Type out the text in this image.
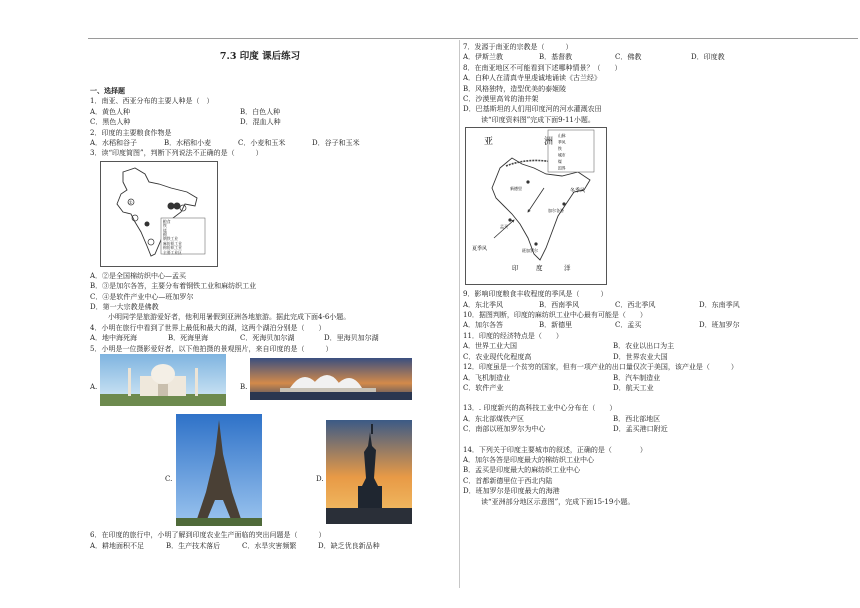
7.3 印度 课后练习
一、选择题
1．南亚、西亚分布的主要人种是（　）
A．黄色人种	B．白色人种
C．黑色人种	D．混血人种
2．印度的主要粮食作物是
A．水稻和谷子	B．水稻和小麦	C．小麦和玉米	D．谷子和玉米
3．读“印度简图”，判断下列说法不正确的是（　　　）
①
粮食
铁
锰
棉
钢铁工业
麻纺织工业
棉纺织工业
主要工业区
A．②是全国棉纺织中心—孟买
B．③是加尔各答，主要分布着钢铁工业和麻纺织工业
C．④是软件产业中心—班加罗尔
D．第一大宗教是佛教
小明同学是旅游爱好者，他利用暑假到亚洲各地旅游。据此完成下面4-6小题。
4．小明在旅行中看到了世界上最低和最大的湖，这两个湖泊分别是（　　）
A．地中海死海	B．死海里海	C．死海贝加尔湖	D．里海贝加尔湖
5．小明是一位摄影爱好者，以下他拍摄的景观照片，来自印度的是（　　　）
A.	B.
C.	D.
6．在印度的旅行中，小明了解到印度农业生产面临的突出问题是（　　　）
A．耕地面积不足	B．生产技术落后	C．水旱灾害频繁	D．缺乏优良新品种
7．发源于南亚的宗教是（　　　）
A．伊斯兰教	B．基督教	C．佛教	D．印度教
8．在南亚地区不可能看到下述哪种情景？（　　）
A．白种人在清真寺里虔诚地诵读《古兰经》
B．风格独特，造型优美的泰姬陵
C．沙漠里高耸的油井架
D．巴基斯坦的人们用印度河的河水灌溉农田
读“印度资料图”完成下面9-11小题。
亚	洲
冬季风
夏季风
印	度	洋
新德里
加尔各答
孟买
班加罗尔
山脉
季风
铁
城市
煤
国界
9．影响印度粮食丰收程度的季风是（　　　）
A．东北季风	B．西南季风	C．西北季风	D．东南季风
10．据图判断，印度的麻纺织工业中心最有可能是（　　）
A．加尔各答	B．新德里	C．孟买	D．班加罗尔
11．印度的经济特点是（　　）
A．世界工业大国	B．农业以出口为主
C．农业现代化程度高	D．世界农业大国
12．印度虽是一个贫穷的国家，但有一项产业的出口量仅次于美国，该产业是（　　　）
A．飞机制造业	B．汽车制造业
C．软件产业	D．航天工业
13．. 印度新兴的高科技工业中心分布在（　　）
A．东北部煤铁产区	B．西北部地区
C．南部以班加罗尔为中心	D．孟买港口附近
14．下列关于印度主要城市的叙述，正确的是（　　　　）
A．加尔各答是印度最大的棉纺织工业中心
B．孟买是印度最大的麻纺织工业中心
C．首都新德里位于西北内陆
D．班加罗尔是印度最大的海港
读“亚洲部分地区示意图”，完成下面15-19小题。
